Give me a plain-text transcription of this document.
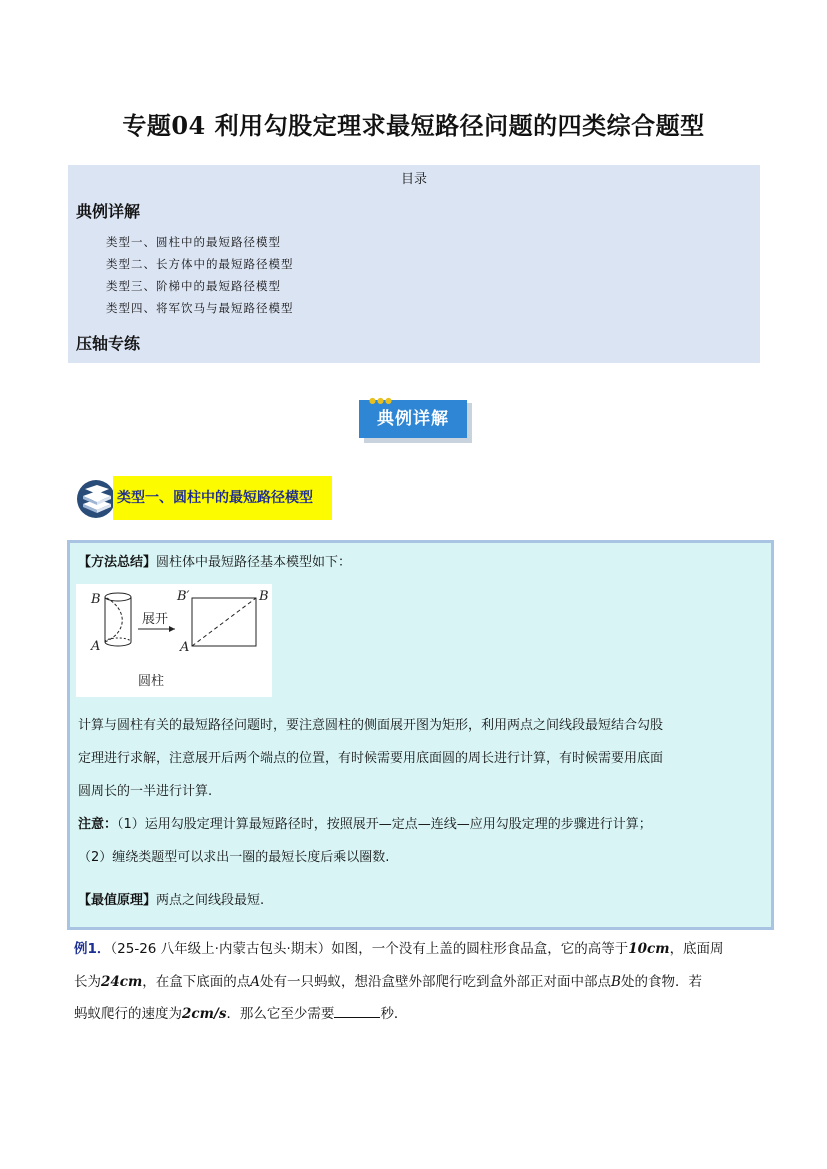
专题04 利用勾股定理求最短路径问题的四类综合题型
目录
典例详解
类型一、圆柱中的最短路径模型
类型二、长方体中的最短路径模型
类型三、阶梯中的最短路径模型
类型四、将军饮马与最短路径模型
压轴专练
典例详解
●●●
类型一、圆柱中的最短路径模型
【方法总结】圆柱体中最短路径基本模型如下：
B
A
展开
B′	B
A
圆柱
计算与圆柱有关的最短路径问题时，要注意圆柱的侧面展开图为矩形，利用两点之间线段最短结合勾股
定理进行求解，注意展开后两个端点的位置，有时候需要用底面圆的周长进行计算，有时候需要用底面
圆周长的一半进行计算.
注意：（1）运用勾股定理计算最短路径时，按照展开—定点—连线—应用勾股定理的步骤进行计算；
（2）缠绕类题型可以求出一圈的最短长度后乘以圈数.
【最值原理】两点之间线段最短.
例1．（25-26 八年级上·内蒙古包头·期末）如图，一个没有上盖的圆柱形食品盒，它的高等于10cm，底面周
长为24cm，在盒下底面的点A处有一只蚂蚁，想沿盒壁外部爬行吃到盒外部正对面中部点B处的食物．若
蚂蚁爬行的速度为2cm/s．那么它至少需要	秒．
